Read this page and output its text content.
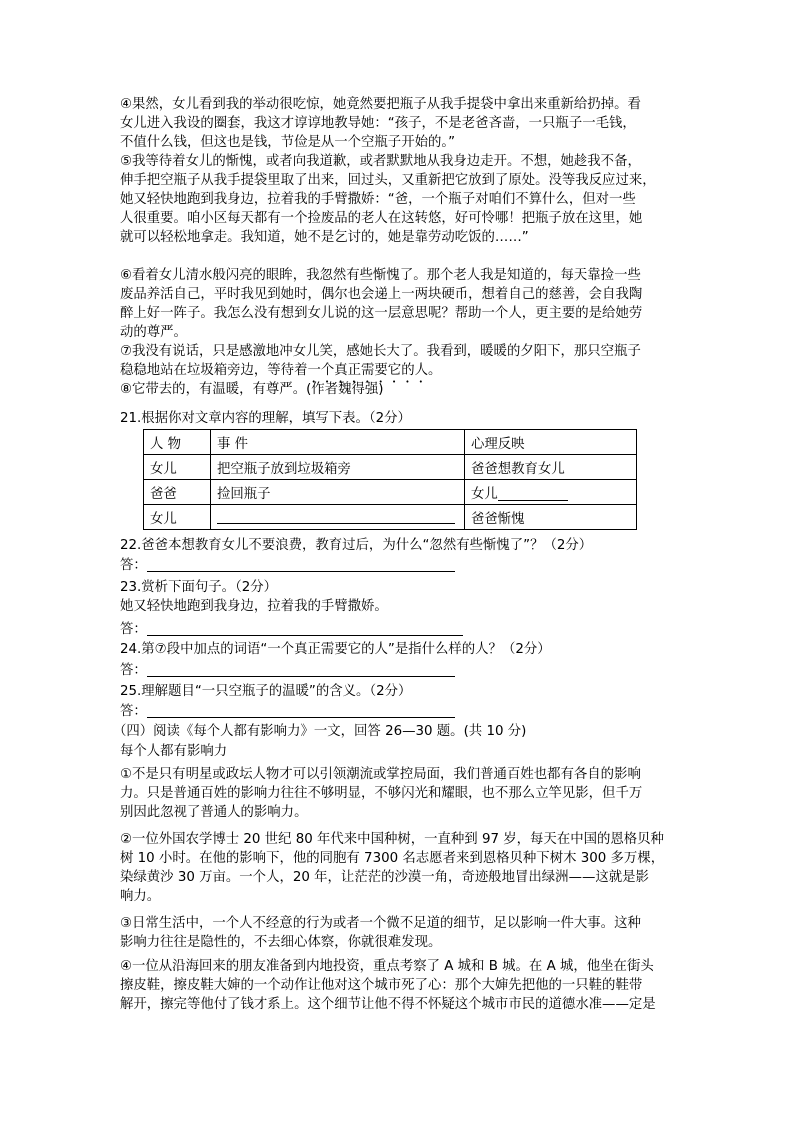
④果然，女儿看到我的举动很吃惊，她竟然要把瓶子从我手提袋中拿出来重新给扔掉。看
女儿进入我设的圈套，我这才谆谆地教导她：“孩子，不是老爸吝啬，一只瓶子一毛钱，
不值什么钱，但这也是钱，节俭是从一个空瓶子开始的。”
⑤我等待着女儿的惭愧，或者向我道歉，或者默默地从我身边走开。不想，她趁我不备，
伸手把空瓶子从我手提袋里取了出来，回过头，又重新把它放到了原处。没等我反应过来，
她又轻快地跑到我身边，拉着我的手臂撒娇：“爸，一个瓶子对咱们不算什么，但对一些
人很重要。咱小区每天都有一个捡废品的老人在这转悠，好可怜哪！把瓶子放在这里，她
就可以轻松地拿走。我知道，她不是乞讨的，她是靠劳动吃饭的……”
⑥看着女儿清水般闪亮的眼眸，我忽然有些惭愧了。那个老人我是知道的，每天靠捡一些
废品养活自己，平时我见到她时，偶尔也会递上一两块硬币，想着自己的慈善，会自我陶
醉上好一阵子。我怎么没有想到女儿说的这一层意思呢？帮助一个人，更主要的是给她劳
动的尊严。
⑦我没有说话，只是感激地冲女儿笑，感她长大了。我看到，暖暖的夕阳下，那只空瓶子
稳稳地站在垃圾箱旁边，等待着一个真正需要它的人。
⑧它带去的，有温暖，有尊严。(作者魏得强)
21.根据你对文章内容的理解，填写下表。（2分）
人 物	事 件	心理反映
女儿	把空瓶子放到垃圾箱旁	爸爸想教育女儿
爸爸	捡回瓶子	女儿
女儿		爸爸惭愧
22.爸爸本想教育女儿不要浪费，教育过后，为什么“忽然有些惭愧了”？（2分）
答：
23.赏析下面句子。（2分）
她又轻快地跑到我身边，拉着我的手臂撒娇。
答：
24.第⑦段中加点的词语“一个真正需要它的人”是指什么样的人？（2分）
答：
25.理解题目“一只空瓶子的温暖”的含义。（2分）
答：
（四）阅读《每个人都有影响力》一文，回答 26—30 题。(共 10 分)
每个人都有影响力
①不是只有明星或政坛人物才可以引领潮流或掌控局面，我们普通百姓也都有各自的影响
力。只是普通百姓的影响力往往不够明显，不够闪光和耀眼，也不那么立竿见影，但千万
别因此忽视了普通人的影响力。
②一位外国农学博士 20 世纪 80 年代来中国种树，一直种到 97 岁，每天在中国的恩格贝种
树 10 小时。在他的影响下，他的同胞有 7300 名志愿者来到恩格贝种下树木 300 多万棵，
染绿黄沙 30 万亩。一个人，20 年，让茫茫的沙漠一角，奇迹般地冒出绿洲——这就是影
响力。
③日常生活中，一个人不经意的行为或者一个微不足道的细节，足以影响一件大事。这种
影响力往往是隐性的，不去细心体察，你就很难发现。
④一位从沿海回来的朋友准备到内地投资，重点考察了 A 城和 B 城。在 A 城，他坐在街头
擦皮鞋，擦皮鞋大婶的一个动作让他对这个城市死了心：那个大婶先把他的一只鞋的鞋带
解开，擦完等他付了钱才系上。这个细节让他不得不怀疑这个城市市民的道德水准——定是
